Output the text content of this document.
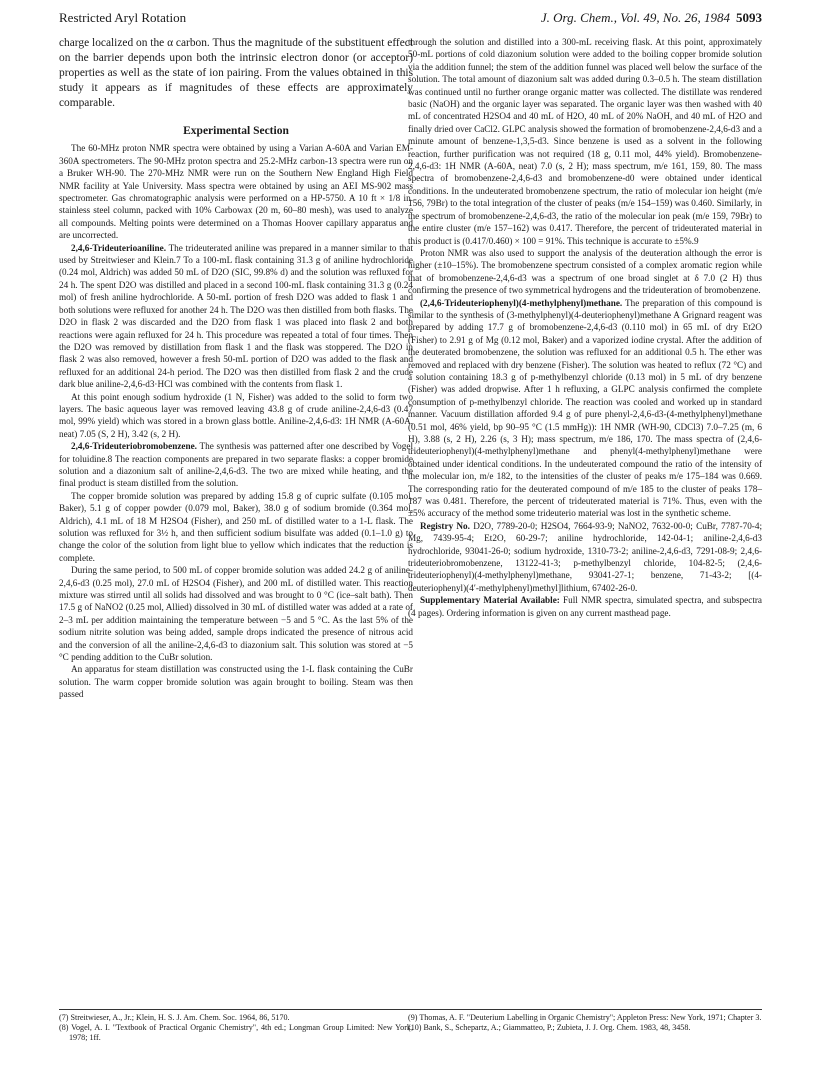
Restricted Aryl Rotation	J. Org. Chem., Vol. 49, No. 26, 1984 5093

charge localized on the α carbon. Thus the magnitude of the substituent effect on the barrier depends upon both the intrinsic electron donor (or acceptor) properties as well as the state of ion pairing. From the values obtained in this study it appears as if magnitudes of these effects are approximately comparable.

Experimental Section

The 60-MHz proton NMR spectra were obtained by using a Varian A-60A and Varian EM-360A spectrometers. The 90-MHz proton spectra and 25.2-MHz carbon-13 spectra were run on a Bruker WH-90. The 270-MHz NMR were run on the Southern New England High Field NMR facility at Yale University. Mass spectra were obtained by using an AEI MS-902 mass spectrometer. Gas chromatographic analysis were performed on a HP-5750. A 10 ft × 1/8 in. stainless steel column, packed with 10% Carbowax (20 m, 60–80 mesh), was used to analyze all compounds. Melting points were determined on a Thomas Hoover capillary apparatus and are uncorrected.

2,4,6-Trideuterioaniline. The trideuterated aniline was prepared in a manner similar to that used by Streitwieser and Klein.7 To a 100-mL flask containing 31.3 g of aniline hydrochloride (0.24 mol, Aldrich) was added 50 mL of D2O (SIC, 99.8% d) and the solution was refluxed for 24 h. The spent D2O was distilled and placed in a second 100-mL flask containing 31.3 g (0.24 mol) of fresh aniline hydrochloride. A 50-mL portion of fresh D2O was added to flask 1 and both solutions were refluxed for another 24 h. The D2O was then distilled from both flasks. The D2O in flask 2 was discarded and the D2O from flask 1 was placed into flask 2 and both reactions were again refluxed for 24 h. This procedure was repeated a total of four times. Then the D2O was removed by distillation from flask 1 and the flask was stoppered. The D2O in flask 2 was also removed, however a fresh 50-mL portion of D2O was added to the flask and refluxed for an additional 24-h period. The D2O was then distilled from flask 2 and the crude dark blue aniline-2,4,6-d3·HCl was combined with the contents from flask 1.

At this point enough sodium hydroxide (1 N, Fisher) was added to the solid to form two layers. The basic aqueous layer was removed leaving 43.8 g of crude aniline-2,4,6-d3 (0.47 mol, 99% yield) which was stored in a brown glass bottle. Aniline-2,4,6-d3: 1H NMR (A-60A, neat) 7.05 (S, 2 H), 3.42 (s, 2 H).

2,4,6-Trideuteriobromobenzene. The synthesis was patterned after one described by Vogel for toluidine.8 The reaction components are prepared in two separate flasks: a copper bromide solution and a diazonium salt of aniline-2,4,6-d3. The two are mixed while heating, and the final product is steam distilled from the solution.

The copper bromide solution was prepared by adding 15.8 g of cupric sulfate (0.105 mol, Baker), 5.1 g of copper powder (0.079 mol, Baker), 38.0 g of sodium bromide (0.364 mol, Aldrich), 4.1 mL of 18 M H2SO4 (Fisher), and 250 mL of distilled water to a 1-L flask. The solution was refluxed for 3½ h, and then sufficient sodium bisulfate was added (0.1–1.0 g) to change the color of the solution from light blue to yellow which indicates that the reduction is complete.

During the same period, to 500 mL of copper bromide solution was added 24.2 g of aniline-2,4,6-d3 (0.25 mol), 27.0 mL of H2SO4 (Fisher), and 200 mL of distilled water. This reaction mixture was stirred until all solids had dissolved and was brought to 0 °C (ice–salt bath). Then 17.5 g of NaNO2 (0.25 mol, Allied) dissolved in 30 mL of distilled water was added at a rate of 2–3 mL per addition maintaining the temperature between −5 and 5 °C. As the last 5% of the sodium nitrite solution was being added, sample drops indicated the presence of nitrous acid and the conversion of all the aniline-2,4,6-d3 to diazonium salt. This solution was stored at −5 °C pending addition to the CuBr solution.

An apparatus for steam distillation was constructed using the 1-L flask containing the CuBr solution. The warm copper bromide solution was again brought to boiling. Steam was then passed

through the solution and distilled into a 300-mL receiving flask. At this point, approximately 50-mL portions of cold diazonium solution were added to the boiling copper bromide solution via the addition funnel; the stem of the addition funnel was placed well below the surface of the solution. The total amount of diazonium salt was added during 0.3–0.5 h. The steam distillation was continued until no further orange organic matter was collected. The distillate was rendered basic (NaOH) and the organic layer was separated. The organic layer was then washed with 40 mL of concentrated H2SO4 and 40 mL of H2O, 40 mL of 20% NaOH, and 40 mL of H2O and finally dried over CaCl2. GLPC analysis showed the formation of bromobenzene-2,4,6-d3 and a minute amount of benzene-1,3,5-d3. Since benzene is used as a solvent in the following reaction, further purification was not required (18 g, 0.11 mol, 44% yield). Bromobenzene-2,4,6-d3: 1H NMR (A-60A, neat) 7.0 (s, 2 H); mass spectrum, m/e 161, 159, 80. The mass spectra of bromobenzene-2,4,6-d3 and bromobenzene-d0 were obtained under identical conditions. In the undeuterated bromobenzene spectrum, the ratio of molecular ion height (m/e 156, 79Br) to the total integration of the cluster of peaks (m/e 154–159) was 0.460. Similarly, in the spectrum of bromobenzene-2,4,6-d3, the ratio of the molecular ion peak (m/e 159, 79Br) to the entire cluster (m/e 157–162) was 0.417. Therefore, the percent of trideuterated material in this product is (0.417/0.460) × 100 = 91%. This technique is accurate to ±5%.9

Proton NMR was also used to support the analysis of the deuteration although the error is higher (±10–15%). The bromobenzene spectrum consisted of a complex aromatic region while that of bromobenzene-2,4,6-d3 was a spectrum of one broad singlet at δ 7.0 (2 H) thus confirming the presence of two symmetrical hydrogens and the trideuteration of bromobenzene.

(2,4,6-Trideuteriophenyl)(4-methylphenyl)methane. The preparation of this compound is similar to the synthesis of (3-methylphenyl)(4-deuteriophenyl)methane A Grignard reagent was prepared by adding 17.7 g of bromobenzene-2,4,6-d3 (0.110 mol) in 65 mL of dry Et2O (Fisher) to 2.91 g of Mg (0.12 mol, Baker) and a vaporized iodine crystal. After the addition of the deuterated bromobenzene, the solution was refluxed for an additional 0.5 h. The ether was removed and replaced with dry benzene (Fisher). The solution was heated to reflux (72 °C) and a solution containing 18.3 g of p-methylbenzyl chloride (0.13 mol) in 5 mL of dry benzene (Fisher) was added dropwise. After 1 h refluxing, a GLPC analysis confirmed the complete consumption of p-methylbenzyl chloride. The reaction was cooled and worked up in standard manner. Vacuum distillation afforded 9.4 g of pure phenyl-2,4,6-d3-(4-methylphenyl)methane (0.51 mol, 46% yield, bp 90–95 °C (1.5 mmHg)): 1H NMR (WH-90, CDCl3) 7.0–7.25 (m, 6 H), 3.88 (s, 2 H), 2.26 (s, 3 H); mass spectrum, m/e 186, 170. The mass spectra of (2,4,6-trideuteriophenyl)(4-methylphenyl)methane and phenyl(4-methylphenyl)methane were obtained under identical conditions. In the undeuterated compound the ratio of the intensity of the molecular ion, m/e 182, to the intensities of the cluster of peaks m/e 175–184 was 0.669. The corresponding ratio for the deuterated compound of m/e 185 to the cluster of peaks 178–187 was 0.481. Therefore, the percent of trideuterated material is 71%. Thus, even with the ±5% accuracy of the method some trideuterio material was lost in the synthetic scheme.

Registry No. D2O, 7789-20-0; H2SO4, 7664-93-9; NaNO2, 7632-00-0; CuBr, 7787-70-4; Mg, 7439-95-4; Et2O, 60-29-7; aniline hydrochloride, 142-04-1; aniline-2,4,6-d3 hydrochloride, 93041-26-0; sodium hydroxide, 1310-73-2; aniline-2,4,6-d3, 7291-08-9; 2,4,6-trideuteriobromobenzene, 13122-41-3; p-methylbenzyl chloride, 104-82-5; (2,4,6-trideuteriophenyl)(4-methylphenyl)methane, 93041-27-1; benzene, 71-43-2; [(4-deuteriophenyl)(4′-methylphenyl)methyl]lithium, 67402-26-0.

Supplementary Material Available: Full NMR spectra, simulated spectra, and subspectra (4 pages). Ordering information is given on any current masthead page.

(7) Streitwieser, A., Jr.; Klein, H. S. J. Am. Chem. Soc. 1964, 86, 5170.

(8) Vogel, A. I. "Textbook of Practical Organic Chemistry", 4th ed.; Longman Group Limited: New York, 1978; 1ff.

(9) Thomas, A. F. "Deuterium Labelling in Organic Chemistry"; Appleton Press: New York, 1971; Chapter 3.

(10) Bank, S., Schepartz, A.; Giammatteo, P.; Zubieta, J. J. Org. Chem. 1983, 48, 3458.
